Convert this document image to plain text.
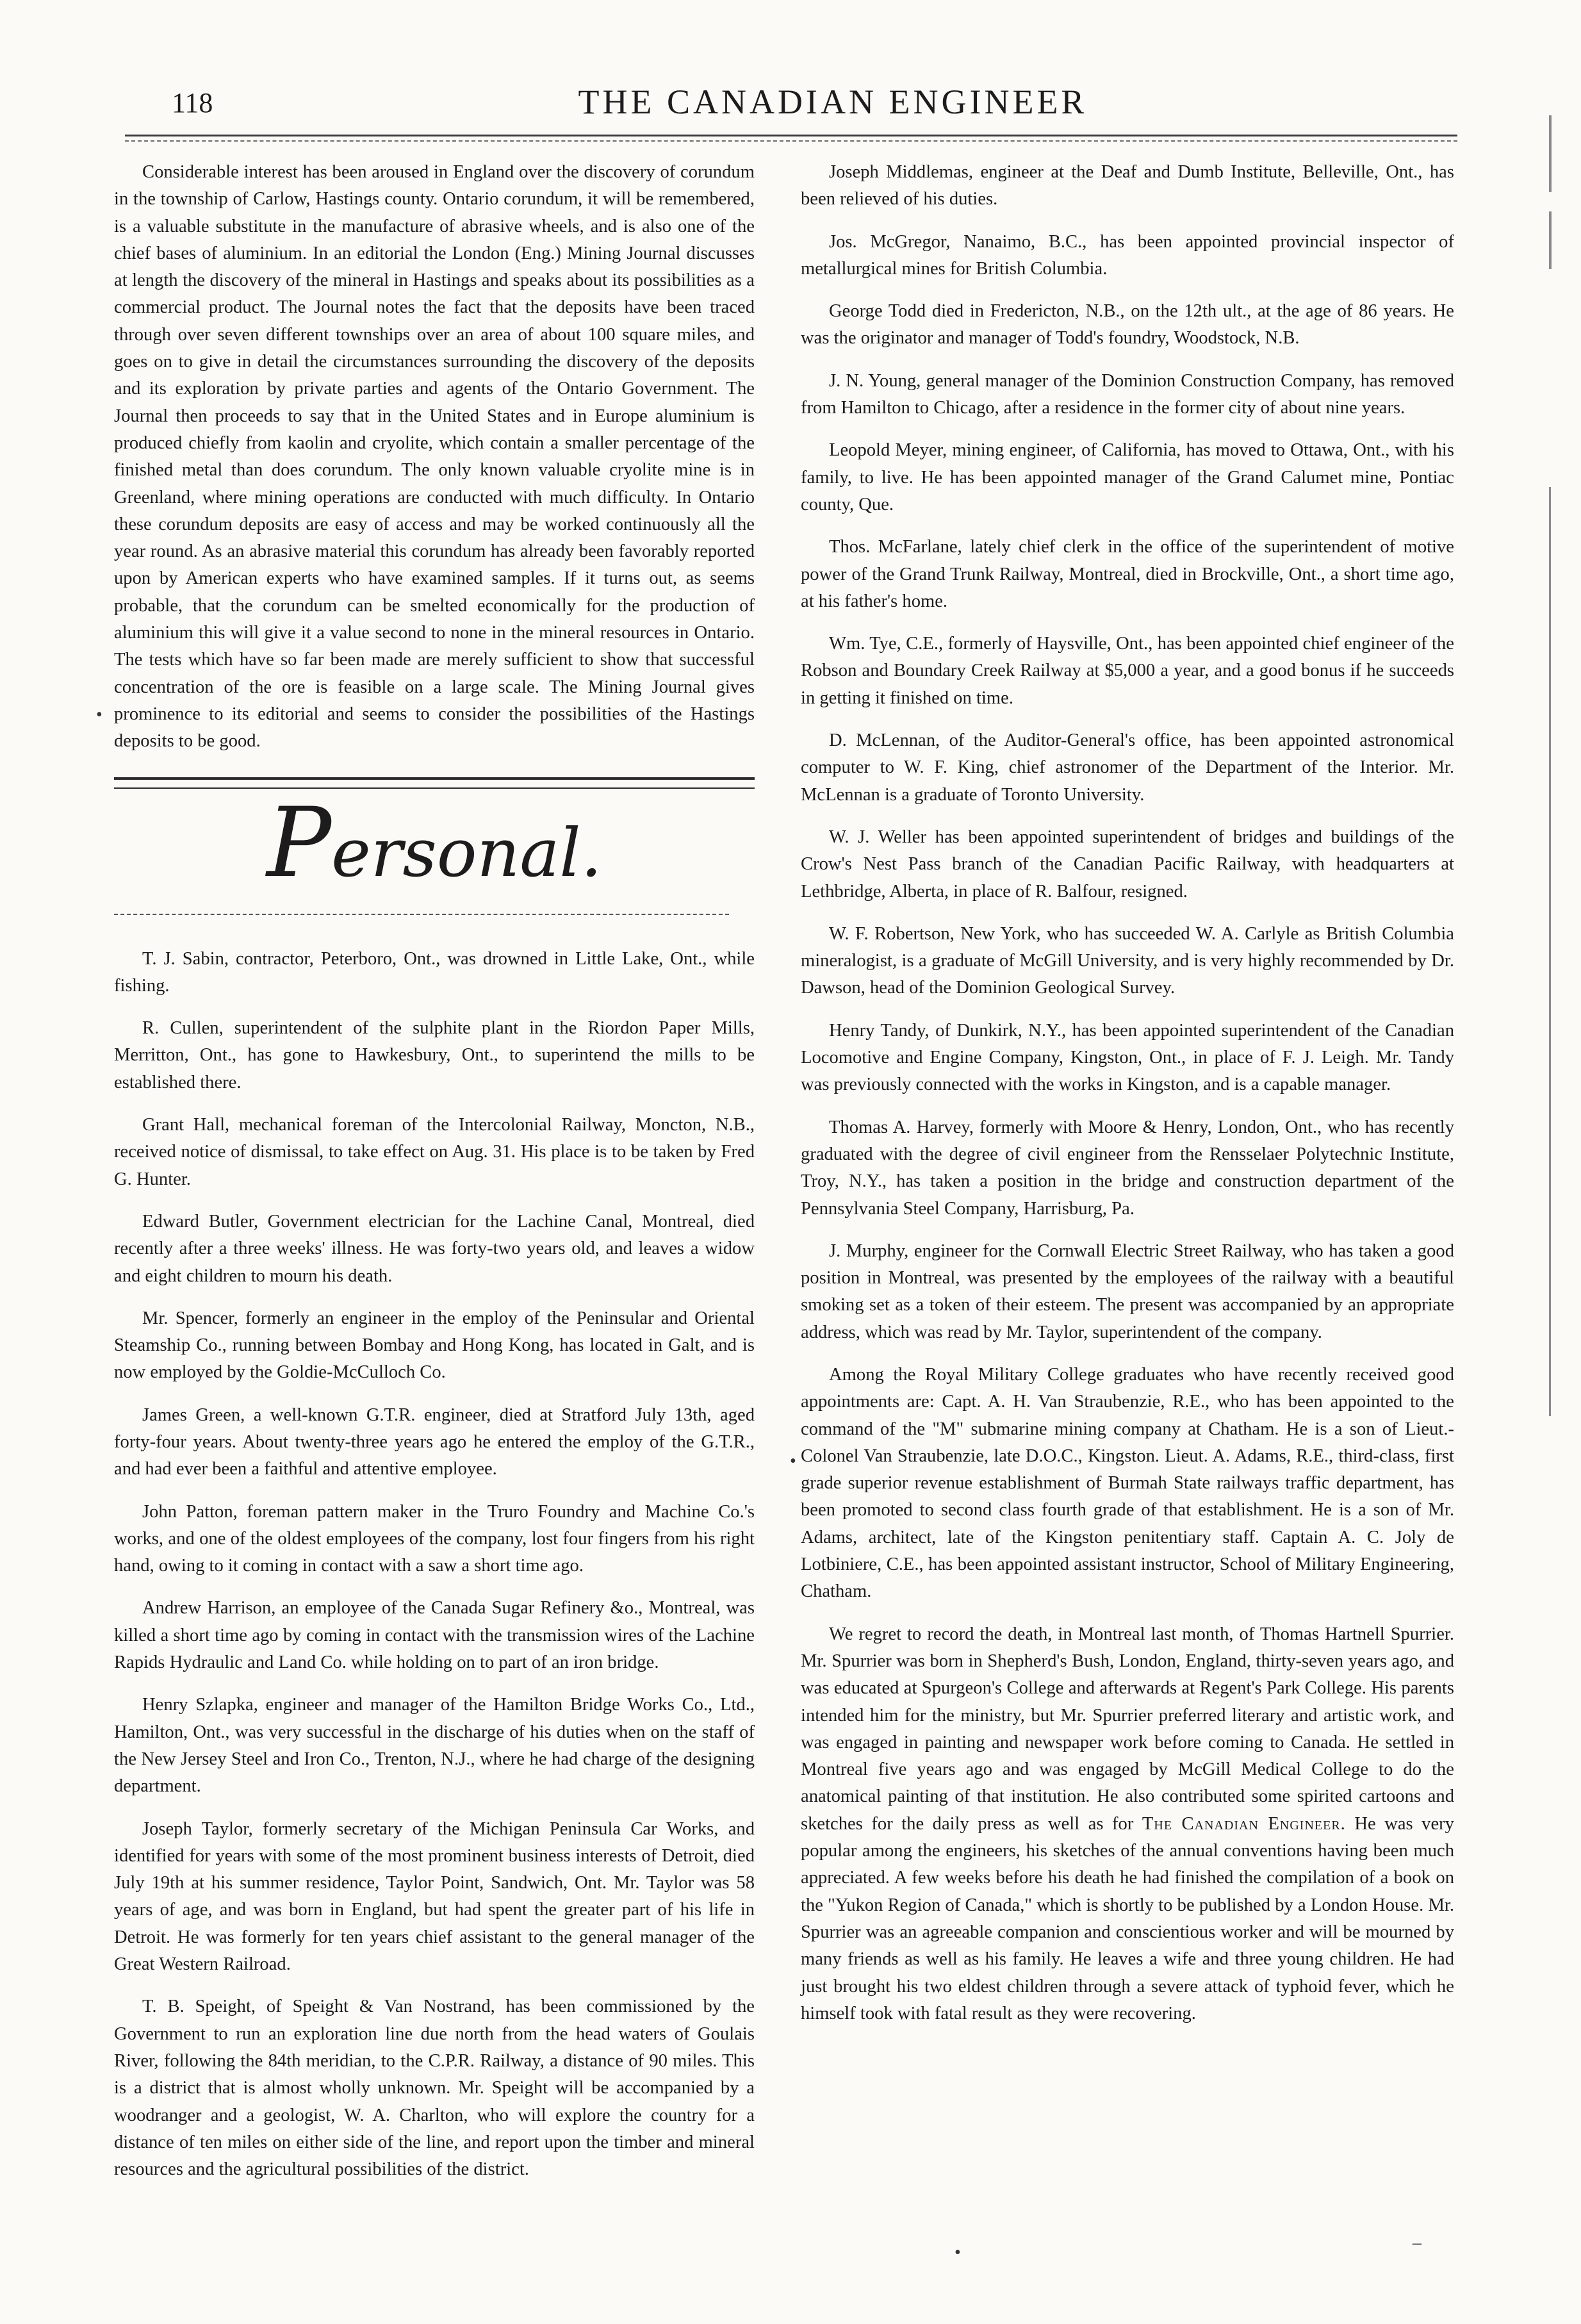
118	THE CANADIAN ENGINEER

Considerable interest has been aroused in England over the discovery of corundum in the township of Carlow, Hastings county. Ontario corundum, it will be remembered, is a valuable substitute in the manufacture of abrasive wheels, and is also one of the chief bases of aluminium. In an editorial the London (Eng.) Mining Journal discusses at length the discovery of the mineral in Hastings and speaks about its possibilities as a commercial product. The Journal notes the fact that the deposits have been traced through over seven different townships over an area of about 100 square miles, and goes on to give in detail the circumstances surrounding the discovery of the deposits and its exploration by private parties and agents of the Ontario Government. The Journal then proceeds to say that in the United States and in Europe aluminium is produced chiefly from kaolin and cryolite, which contain a smaller percentage of the finished metal than does corundum. The only known valuable cryolite mine is in Greenland, where mining operations are conducted with much difficulty. In Ontario these corundum deposits are easy of access and may be worked continuously all the year round. As an abrasive material this corundum has already been favorably reported upon by American experts who have examined samples. If it turns out, as seems probable, that the corundum can be smelted economically for the production of aluminium this will give it a value second to none in the mineral resources in Ontario. The tests which have so far been made are merely sufficient to show that successful concentration of the ore is feasible on a large scale. The Mining Journal gives prominence to its editorial and seems to consider the possibilities of the Hastings deposits to be good.

Personal.

T. J. Sabin, contractor, Peterboro, Ont., was drowned in Little Lake, Ont., while fishing.

R. Cullen, superintendent of the sulphite plant in the Riordon Paper Mills, Merritton, Ont., has gone to Hawkesbury, Ont., to superintend the mills to be established there.

Grant Hall, mechanical foreman of the Intercolonial Railway, Moncton, N.B., received notice of dismissal, to take effect on Aug. 31. His place is to be taken by Fred G. Hunter.

Edward Butler, Government electrician for the Lachine Canal, Montreal, died recently after a three weeks' illness. He was forty-two years old, and leaves a widow and eight children to mourn his death.

Mr. Spencer, formerly an engineer in the employ of the Peninsular and Oriental Steamship Co., running between Bombay and Hong Kong, has located in Galt, and is now employed by the Goldie-McCulloch Co.

James Green, a well-known G.T.R. engineer, died at Stratford July 13th, aged forty-four years. About twenty-three years ago he entered the employ of the G.T.R., and had ever been a faithful and attentive employee.

John Patton, foreman pattern maker in the Truro Foundry and Machine Co.'s works, and one of the oldest employees of the company, lost four fingers from his right hand, owing to it coming in contact with a saw a short time ago.

Andrew Harrison, an employee of the Canada Sugar Refinery &o., Montreal, was killed a short time ago by coming in contact with the transmission wires of the Lachine Rapids Hydraulic and Land Co. while holding on to part of an iron bridge.

Henry Szlapka, engineer and manager of the Hamilton Bridge Works Co., Ltd., Hamilton, Ont., was very successful in the discharge of his duties when on the staff of the New Jersey Steel and Iron Co., Trenton, N.J., where he had charge of the designing department.

Joseph Taylor, formerly secretary of the Michigan Peninsula Car Works, and identified for years with some of the most prominent business interests of Detroit, died July 19th at his summer residence, Taylor Point, Sandwich, Ont. Mr. Taylor was 58 years of age, and was born in England, but had spent the greater part of his life in Detroit. He was formerly for ten years chief assistant to the general manager of the Great Western Railroad.

T. B. Speight, of Speight & Van Nostrand, has been commissioned by the Government to run an exploration line due north from the head waters of Goulais River, following the 84th meridian, to the C.P.R. Railway, a distance of 90 miles. This is a district that is almost wholly unknown. Mr. Speight will be accompanied by a woodranger and a geologist, W. A. Charlton, who will explore the country for a distance of ten miles on either side of the line, and report upon the timber and mineral resources and the agricultural possibilities of the district.

Joseph Middlemas, engineer at the Deaf and Dumb Institute, Belleville, Ont., has been relieved of his duties.

Jos. McGregor, Nanaimo, B.C., has been appointed provincial inspector of metallurgical mines for British Columbia.

George Todd died in Fredericton, N.B., on the 12th ult., at the age of 86 years. He was the originator and manager of Todd's foundry, Woodstock, N.B.

J. N. Young, general manager of the Dominion Construction Company, has removed from Hamilton to Chicago, after a residence in the former city of about nine years.

Leopold Meyer, mining engineer, of California, has moved to Ottawa, Ont., with his family, to live. He has been appointed manager of the Grand Calumet mine, Pontiac county, Que.

Thos. McFarlane, lately chief clerk in the office of the superintendent of motive power of the Grand Trunk Railway, Montreal, died in Brockville, Ont., a short time ago, at his father's home.

Wm. Tye, C.E., formerly of Haysville, Ont., has been appointed chief engineer of the Robson and Boundary Creek Railway at $5,000 a year, and a good bonus if he succeeds in getting it finished on time.

D. McLennan, of the Auditor-General's office, has been appointed astronomical computer to W. F. King, chief astronomer of the Department of the Interior. Mr. McLennan is a graduate of Toronto University.

W. J. Weller has been appointed superintendent of bridges and buildings of the Crow's Nest Pass branch of the Canadian Pacific Railway, with headquarters at Lethbridge, Alberta, in place of R. Balfour, resigned.

W. F. Robertson, New York, who has succeeded W. A. Carlyle as British Columbia mineralogist, is a graduate of McGill University, and is very highly recommended by Dr. Dawson, head of the Dominion Geological Survey.

Henry Tandy, of Dunkirk, N.Y., has been appointed superintendent of the Canadian Locomotive and Engine Company, Kingston, Ont., in place of F. J. Leigh. Mr. Tandy was previously connected with the works in Kingston, and is a capable manager.

Thomas A. Harvey, formerly with Moore & Henry, London, Ont., who has recently graduated with the degree of civil engineer from the Rensselaer Polytechnic Institute, Troy, N.Y., has taken a position in the bridge and construction department of the Pennsylvania Steel Company, Harrisburg, Pa.

J. Murphy, engineer for the Cornwall Electric Street Railway, who has taken a good position in Montreal, was presented by the employees of the railway with a beautiful smoking set as a token of their esteem. The present was accompanied by an appropriate address, which was read by Mr. Taylor, superintendent of the company.

Among the Royal Military College graduates who have recently received good appointments are: Capt. A. H. Van Straubenzie, R.E., who has been appointed to the command of the "M" submarine mining company at Chatham. He is a son of Lieut.-Colonel Van Straubenzie, late D.O.C., Kingston. Lieut. A. Adams, R.E., third-class, first grade superior revenue establishment of Burmah State railways traffic department, has been promoted to second class fourth grade of that establishment. He is a son of Mr. Adams, architect, late of the Kingston penitentiary staff. Captain A. C. Joly de Lotbiniere, C.E., has been appointed assistant instructor, School of Military Engineering, Chatham.

We regret to record the death, in Montreal last month, of Thomas Hartnell Spurrier. Mr. Spurrier was born in Shepherd's Bush, London, England, thirty-seven years ago, and was educated at Spurgeon's College and afterwards at Regent's Park College. His parents intended him for the ministry, but Mr. Spurrier preferred literary and artistic work, and was engaged in painting and newspaper work before coming to Canada. He settled in Montreal five years ago and was engaged by McGill Medical College to do the anatomical painting of that institution. He also contributed some spirited cartoons and sketches for the daily press as well as for The Canadian Engineer. He was very popular among the engineers, his sketches of the annual conventions having been much appreciated. A few weeks before his death he had finished the compilation of a book on the "Yukon Region of Canada," which is shortly to be published by a London House. Mr. Spurrier was an agreeable companion and conscientious worker and will be mourned by many friends as well as his family. He leaves a wife and three young children. He had just brought his two eldest children through a severe attack of typhoid fever, which he himself took with fatal result as they were recovering.

•
•
•	–
